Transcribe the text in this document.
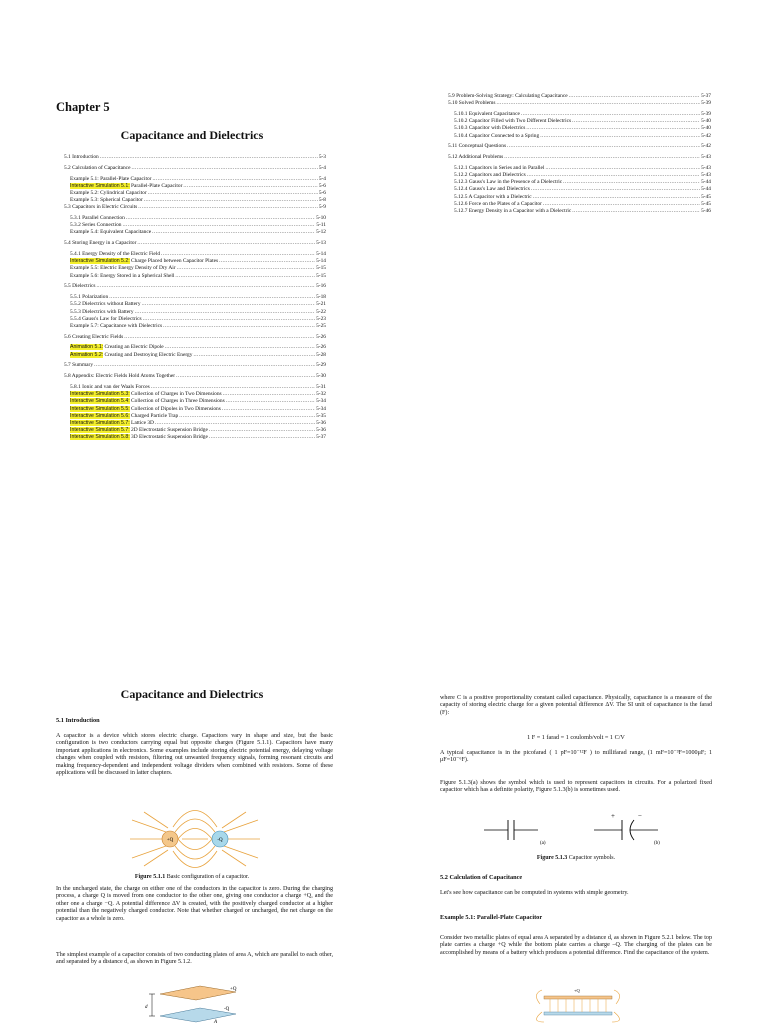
Chapter 5
Capacitance and Dielectrics
5.1 Introduction .....	5-3
5.2 Calculation of Capacitance .....	5-4
Example 5.1: Parallel-Plate Capacitor .....	5-4
Interactive Simulation 5.1: Parallel-Plate Capacitor .....	5-6
Example 5.2: Cylindrical Capacitor .....	5-6
Example 5.3: Spherical Capacitor .....	5-8
5.3 Capacitors in Electric Circuits .....	5-9
5.3.1 Parallel Connection .....	5-10
5.3.2 Series Connection .....	5-11
Example 5.4: Equivalent Capacitance .....	5-12
5.4 Storing Energy in a Capacitor .....	5-13
5.4.1 Energy Density of the Electric Field .....	5-14
Interactive Simulation 5.2: Charge Placed between Capacitor Plates .....	5-14
Example 5.5: Electric Energy Density of Dry Air .....	5-15
Example 5.6: Energy Stored in a Spherical Shell .....	5-15
5.5 Dielectrics .....	5-16
5.5.1 Polarization .....	5-18
5.5.2 Dielectrics without Battery .....	5-21
5.5.3 Dielectrics with Battery .....	5-22
5.5.4 Gauss's Law for Dielectrics .....	5-23
Example 5.7: Capacitance with Dielectrics .....	5-25
5.6 Creating Electric Fields .....	5-26
Animation 5.1: Creating an Electric Dipole .....	5-26
Animation 5.2: Creating and Destroying Electric Energy .....	5-28
5.7 Summary .....	5-29
5.8 Appendix: Electric Fields Hold Atoms Together .....	5-30
5.8.1 Ionic and van der Waals Forces .....	5-31
Interactive Simulation 5.3: Collection of Charges in Two Dimensions .....	5-32
Interactive Simulation 5.4: Collection of Charges in Three Dimensions .....	5-34
Interactive Simulation 5.5: Collection of Dipoles in Two Dimensions .....	5-34
Interactive Simulation 5.6: Charged Particle Trap .....	5-35
Interactive Simulation 5.7: Lattice 3D .....	5-36
Interactive Simulation 5.7: 2D Electrostatic Suspension Bridge .....	5-36
Interactive Simulation 5.8: 3D Electrostatic Suspension Bridge .....	5-37
5.9 Problem-Solving Strategy: Calculating Capacitance .....	5-37
5.10 Solved Problems .....	5-39
5.10.1 Equivalent Capacitance .....	5-39
5.10.2 Capacitor Filled with Two Different Dielectrics .....	5-40
5.10.3 Capacitor with Dielectrics .....	5-40
5.10.4 Capacitor Connected to a Spring .....	5-42
5.11 Conceptual Questions .....	5-42
5.12 Additional Problems .....	5-43
5.12.1 Capacitors in Series and in Parallel .....	5-43
5.12.2 Capacitors and Dielectrics .....	5-43
5.12.3 Gauss's Law in the Presence of a Dielectric .....	5-44
5.12.4 Gauss's Law and Dielectrics .....	5-44
5.12.5 A Capacitor with a Dielectric .....	5-45
5.12.6 Force on the Plates of a Capacitor .....	5-45
5.12.7 Energy Density in a Capacitor with a Dielectric .....	5-46
Capacitance and Dielectrics
5.1 Introduction
A capacitor is a device which stores electric charge. Capacitors vary in shape and size, but the basic configuration is two conductors carrying equal but opposite charges (Figure 5.1.1). Capacitors have many important applications in electronics. Some examples include storing electric potential energy, delaying voltage changes when coupled with resistors, filtering out unwanted frequency signals, forming resonant circuits and making frequency-dependent and independent voltage dividers when combined with resistors. Some of these applications will be discussed in latter chapters.
+Q	-Q
Figure 5.1.1 Basic configuration of a capacitor.
In the uncharged state, the charge on either one of the conductors in the capacitor is zero. During the charging process, a charge Q is moved from one conductor to the other one, giving one conductor a charge +Q, and the other one a charge −Q. A potential difference ΔV is created, with the positively charged conductor at a higher potential than the negatively charged conductor. Note that whether charged or uncharged, the net charge on the capacitor as a whole is zero.
The simplest example of a capacitor consists of two conducting plates of area A, which are parallel to each other, and separated by a distance d, as shown in Figure 5.1.2.
d
+Q
-Q
A
where C is a positive proportionality constant called capacitance. Physically, capacitance is a measure of the capacity of storing electric charge for a given potential difference ΔV. The SI unit of capacitance is the farad (F):
1 F = 1 farad = 1 coulomb/volt = 1 C/V
A typical capacitance is in the picofarad ( 1 pF=10⁻¹²F ) to millifarad range, (1 mF=10⁻³F=1000μF; 1 μF=10⁻⁶F).
Figure 5.1.3(a) shows the symbol which is used to represent capacitors in circuits. For a polarized fixed capacitor which has a definite polarity, Figure 5.1.3(b) is sometimes used.
(a)
+	−
(b)
Figure 5.1.3 Capacitor symbols.
5.2 Calculation of Capacitance
Let's see how capacitance can be computed in systems with simple geometry.
Example 5.1: Parallel-Plate Capacitor
Consider two metallic plates of equal area A separated by a distance d, as shown in Figure 5.2.1 below. The top plate carries a charge +Q while the bottom plate carries a charge –Q. The charging of the plates can be accomplished by means of a battery which produces a potential difference. Find the capacitance of the system.
+Q
